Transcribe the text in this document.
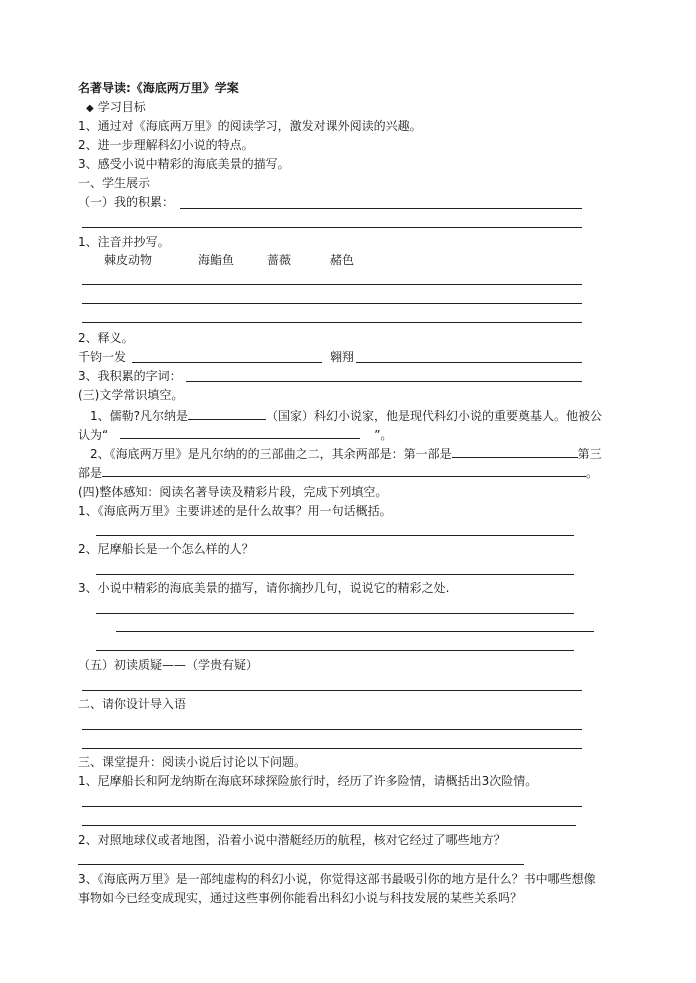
名著导读:《海底两万里》学案
◆ 学习目标
1、通过对《海底两万里》的阅读学习，激发对课外阅读的兴趣。
2、进一步理解科幻小说的特点。
3、感受小说中精彩的海底美景的描写。
一、学生展示
（一）我的积累：
1、注音并抄写。
棘皮动物	海鮨鱼	蔷薇	赭色
2、释义。
千钧一发	翱翔
3、我积累的字词：
(三)文学常识填空。
1、儒勒?凡尔纳是	（国家）科幻小说家，他是现代科幻小说的重要奠基人。他被公
认为“	”。
2、《海底两万里》是凡尔纳的的三部曲之二，其余两部是：第一部是	第三
部是	。
(四)整体感知：阅读名著导读及精彩片段，完成下列填空。
1、《海底两万里》主要讲述的是什么故事？用一句话概括。
2、尼摩船长是一个怎么样的人？
3、小说中精彩的海底美景的描写，请你摘抄几句，说说它的精彩之处.
（五）初读质疑——（学贵有疑）
二、请你设计导入语
三、课堂提升：阅读小说后讨论以下问题。
1、尼摩船长和阿龙纳斯在海底环球探险旅行时，经历了许多险情，请概括出3次险情。
2、对照地球仪或者地图，沿着小说中潜艇经历的航程，核对它经过了哪些地方？
3、《海底两万里》是一部纯虚构的科幻小说，你觉得这部书最吸引你的地方是什么？书中哪些想像
事物如今已经变成现实，通过这些事例你能看出科幻小说与科技发展的某些关系吗？
